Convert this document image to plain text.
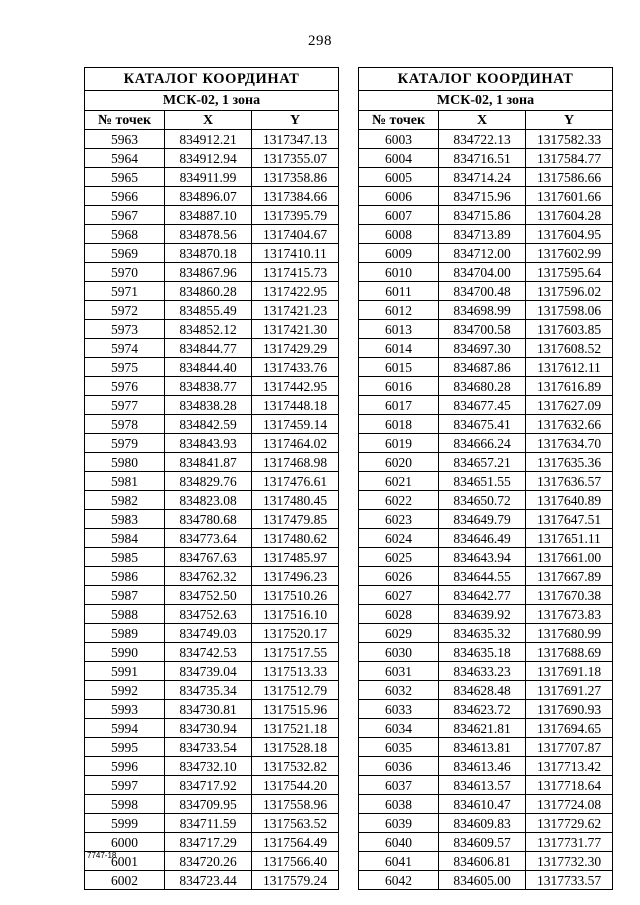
298
КАТАЛОГ КООРДИНАТ		
МСК-02, 1 зона		
№ точек	X	Y
5963	834912.21	1317347.13
5964	834912.94	1317355.07
5965	834911.99	1317358.86
5966	834896.07	1317384.66
5967	834887.10	1317395.79
5968	834878.56	1317404.67
5969	834870.18	1317410.11
5970	834867.96	1317415.73
5971	834860.28	1317422.95
5972	834855.49	1317421.23
5973	834852.12	1317421.30
5974	834844.77	1317429.29
5975	834844.40	1317433.76
5976	834838.77	1317442.95
5977	834838.28	1317448.18
5978	834842.59	1317459.14
5979	834843.93	1317464.02
5980	834841.87	1317468.98
5981	834829.76	1317476.61
5982	834823.08	1317480.45
5983	834780.68	1317479.85
5984	834773.64	1317480.62
5985	834767.63	1317485.97
5986	834762.32	1317496.23
5987	834752.50	1317510.26
5988	834752.63	1317516.10
5989	834749.03	1317520.17
5990	834742.53	1317517.55
5991	834739.04	1317513.33
5992	834735.34	1317512.79
5993	834730.81	1317515.96
5994	834730.94	1317521.18
5995	834733.54	1317528.18
5996	834732.10	1317532.82
5997	834717.92	1317544.20
5998	834709.95	1317558.96
5999	834711.59	1317563.52
6000	834717.29	1317564.49
6001	834720.26	1317566.40
6002	834723.44	1317579.24
КАТАЛОГ КООРДИНАТ		
МСК-02, 1 зона		
№ точек	X	Y
6003	834722.13	1317582.33
6004	834716.51	1317584.77
6005	834714.24	1317586.66
6006	834715.96	1317601.66
6007	834715.86	1317604.28
6008	834713.89	1317604.95
6009	834712.00	1317602.99
6010	834704.00	1317595.64
6011	834700.48	1317596.02
6012	834698.99	1317598.06
6013	834700.58	1317603.85
6014	834697.30	1317608.52
6015	834687.86	1317612.11
6016	834680.28	1317616.89
6017	834677.45	1317627.09
6018	834675.41	1317632.66
6019	834666.24	1317634.70
6020	834657.21	1317635.36
6021	834651.55	1317636.57
6022	834650.72	1317640.89
6023	834649.79	1317647.51
6024	834646.49	1317651.11
6025	834643.94	1317661.00
6026	834644.55	1317667.89
6027	834642.77	1317670.38
6028	834639.92	1317673.83
6029	834635.32	1317680.99
6030	834635.18	1317688.69
6031	834633.23	1317691.18
6032	834628.48	1317691.27
6033	834623.72	1317690.93
6034	834621.81	1317694.65
6035	834613.81	1317707.87
6036	834613.46	1317713.42
6037	834613.57	1317718.64
6038	834610.47	1317724.08
6039	834609.83	1317729.62
6040	834609.57	1317731.77
6041	834606.81	1317732.30
6042	834605.00	1317733.57
7747-18
